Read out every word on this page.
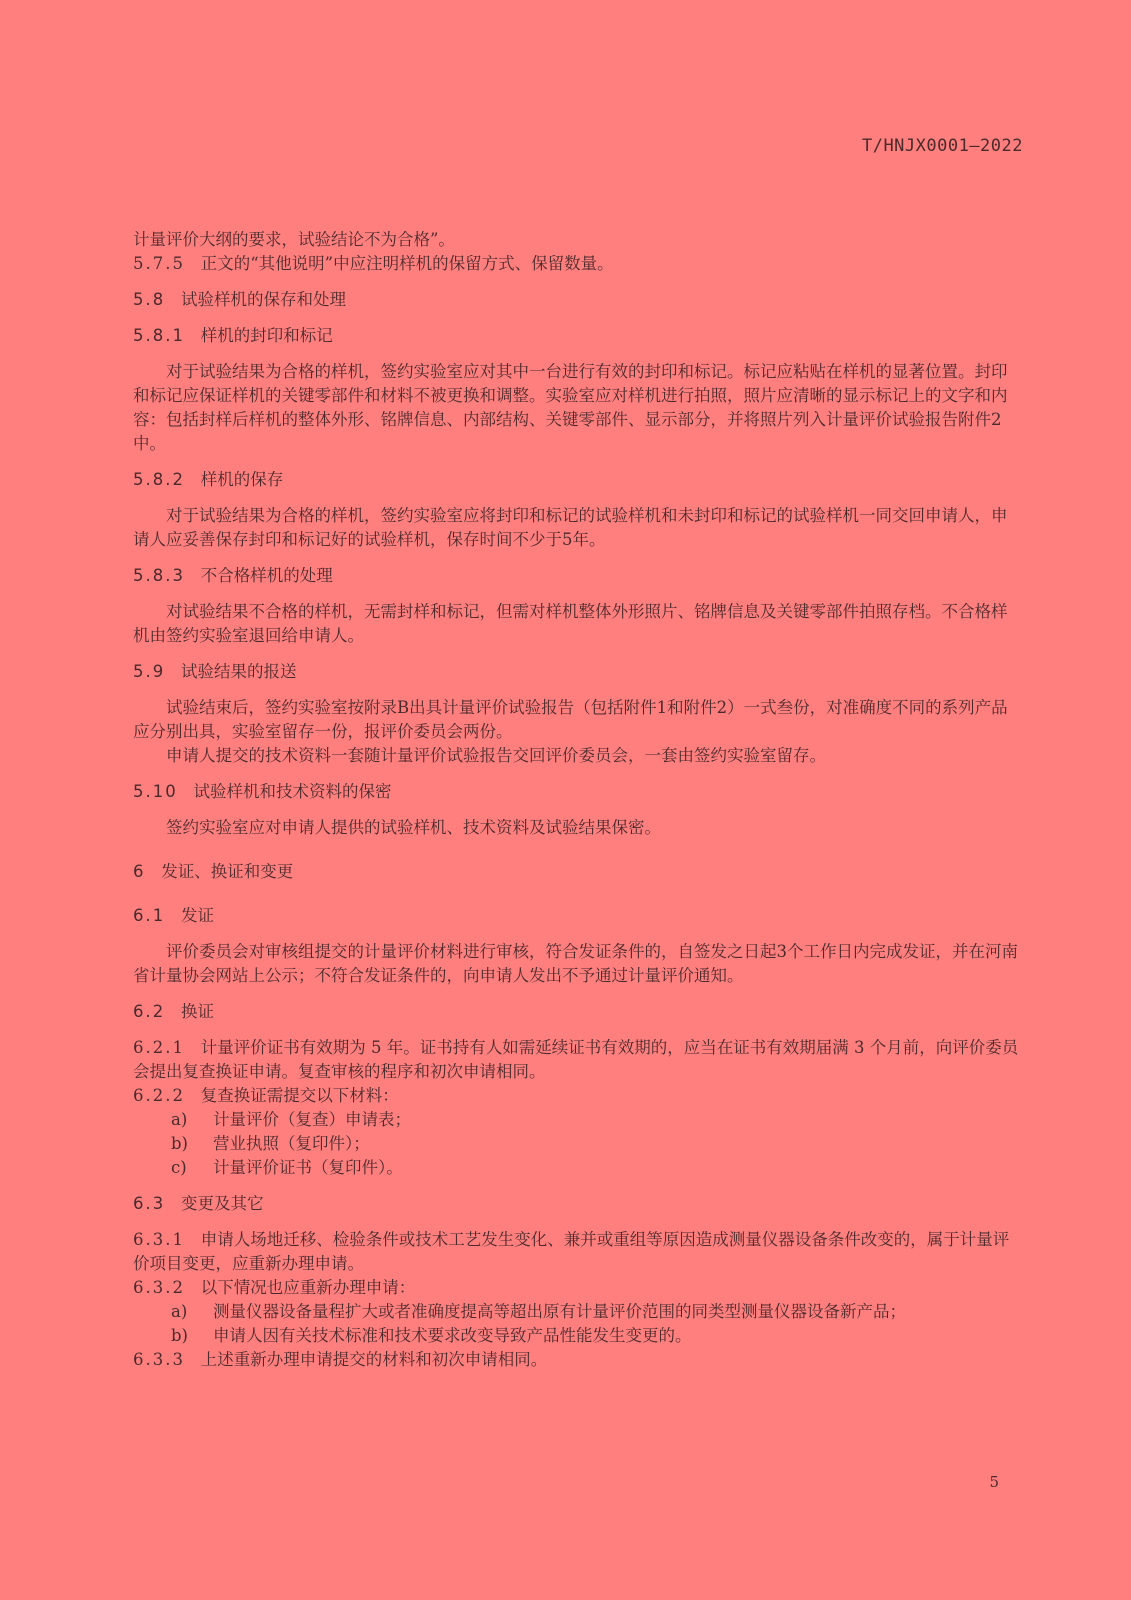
T/HNJX0001—2022

计量评价大纲的要求，试验结论不为合格”。

5.7.5 正文的“其他说明”中应注明样机的保留方式、保留数量。

5.8 试验样机的保存和处理

5.8.1 样机的封印和标记

对于试验结果为合格的样机，签约实验室应对其中一台进行有效的封印和标记。标记应粘贴在样机的显著位置。封印和标记应保证样机的关键零部件和材料不被更换和调整。实验室应对样机进行拍照，照片应清晰的显示标记上的文字和内容：包括封样后样机的整体外形、铭牌信息、内部结构、关键零部件、显示部分，并将照片列入计量评价试验报告附件2中。

5.8.2 样机的保存

对于试验结果为合格的样机，签约实验室应将封印和标记的试验样机和未封印和标记的试验样机一同交回申请人，申请人应妥善保存封印和标记好的试验样机，保存时间不少于5年。

5.8.3 不合格样机的处理

对试验结果不合格的样机，无需封样和标记，但需对样机整体外形照片、铭牌信息及关键零部件拍照存档。不合格样机由签约实验室退回给申请人。

5.9 试验结果的报送

试验结束后，签约实验室按附录B出具计量评价试验报告（包括附件1和附件2）一式叁份，对准确度不同的系列产品应分别出具，实验室留存一份，报评价委员会两份。

申请人提交的技术资料一套随计量评价试验报告交回评价委员会，一套由签约实验室留存。

5.10 试验样机和技术资料的保密

签约实验室应对申请人提供的试验样机、技术资料及试验结果保密。

6 发证、换证和变更

6.1 发证

评价委员会对审核组提交的计量评价材料进行审核，符合发证条件的，自签发之日起3个工作日内完成发证，并在河南省计量协会网站上公示；不符合发证条件的，向申请人发出不予通过计量评价通知。

6.2 换证

6.2.1 计量评价证书有效期为 5 年。证书持有人如需延续证书有效期的，应当在证书有效期届满 3 个月前，向评价委员会提出复查换证申请。复查审核的程序和初次申请相同。

6.2.2 复查换证需提交以下材料：

a)	计量评价（复查）申请表；
b)	营业执照（复印件）；
c)	计量评价证书（复印件）。

6.3 变更及其它

6.3.1 申请人场地迁移、检验条件或技术工艺发生变化、兼并或重组等原因造成测量仪器设备条件改变的，属于计量评价项目变更，应重新办理申请。

6.3.2 以下情况也应重新办理申请：

a)	测量仪器设备量程扩大或者准确度提高等超出原有计量评价范围的同类型测量仪器设备新产品；
b)	申请人因有关技术标准和技术要求改变导致产品性能发生变更的。

6.3.3 上述重新办理申请提交的材料和初次申请相同。

5
